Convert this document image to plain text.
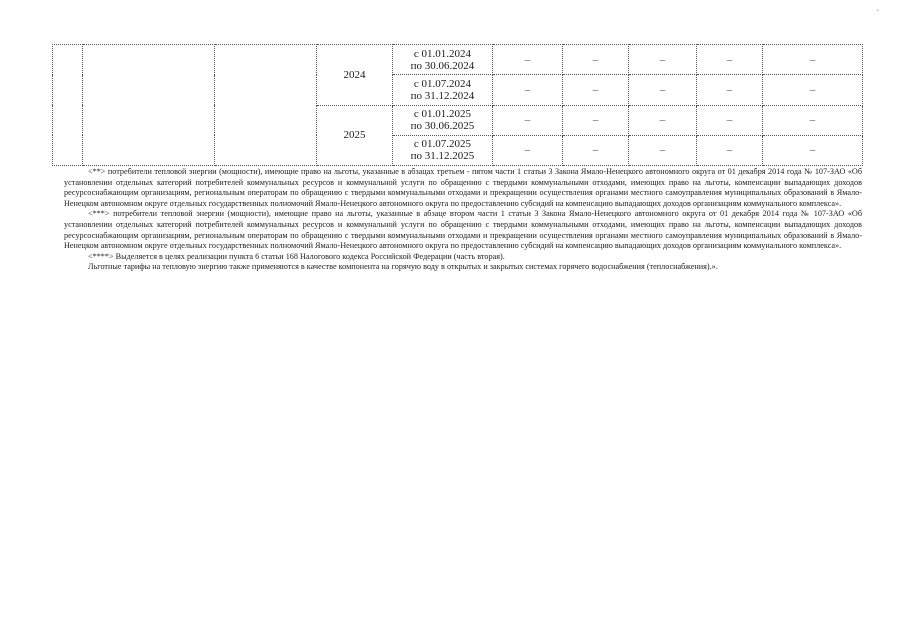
·
			2024	с 01.01.2024
по 30.06.2024	–	–	–	–	–

				с 01.07.2024
по 31.12.2024	–	–	–	–	–
			2025	с 01.01.2025
по 30.06.2025	–	–	–	–	–

				с 01.07.2025
по 31.12.2025	–	–	–	–	–

<**> потребители тепловой энергии (мощности), имеющие право на льготы, указанные в абзацах третьем - пятом части 1 статьи 3 Закона Ямало-Ненецкого автономного округа от 01 декабря 2014 года № 107-ЗАО «Об установлении отдельных категорий потребителей коммунальных ресурсов и коммунальной услуги по обращению с твердыми коммунальными отходами, имеющих право на льготы, компенсации выпадающих доходов ресурсоснабжающим организациям, региональным операторам по обращению с твердыми коммунальными отходами и прекращении осуществления органами местного самоуправления муниципальных образований в Ямало-Ненецком автономном округе отдельных государственных полномочий Ямало-Ненецкого автономного округа по предоставлению субсидий на компенсацию выпадающих доходов организациям коммунального комплекса».

<***> потребители тепловой энергии (мощности), имеющие право на льготы, указанные в абзаце втором части 1 статьи 3 Закона Ямало-Ненецкого автономного округа от 01 декабря 2014 года № 107-ЗАО «Об установлении отдельных категорий потребителей коммунальных ресурсов и коммунальной услуги по обращению с твердыми коммунальными отходами, имеющих право на льготы, компенсации выпадающих доходов ресурсоснабжающим организациям, региональным операторам по обращению с твердыми коммунальными отходами и прекращении осуществления органами местного самоуправления муниципальных образований в Ямало-Ненецком автономном округе отдельных государственных полномочий Ямало-Ненецкого автономного округа по предоставлению субсидий на компенсацию выпадающих доходов организациям коммунального комплекса».

<****> Выделяется в целях реализации пункта 6 статьи 168 Налогового кодекса Российской Федерации (часть вторая).

Льготные тарифы на тепловую энергию также применяются в качестве компонента на горячую воду в открытых и закрытых системах горячего водоснабжения (теплоснабжения).».
